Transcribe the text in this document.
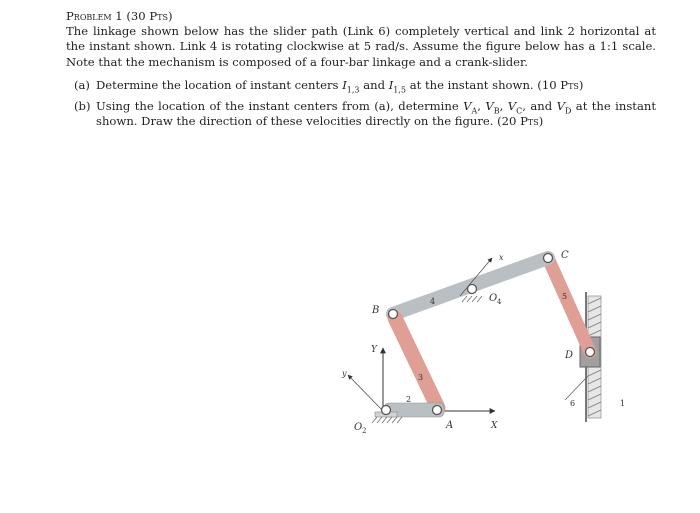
Problem 1 (30 Pts)

The linkage shown below has the slider path (Link 6) completely vertical and link 2 horizontal at the instant shown. Link 4 is rotating clockwise at 5 rad/s. Assume the figure below has a 1:1 scale. Note that the mechanism is composed of a four-bar linkage and a crank-slider.

(a) Determine the location of instant centers $I_{1,3}$ and $I_{1,5}$ at the instant shown. (10 Pts)
(b) Using the location of the instant centers from (a), determine $V_A$, $V_B$, $V_C$, and $V_D$ at the instant shown. Draw the direction of these velocities directly on the figure. (20 Pts)
B
C
D
A
O 2
O 4
Y
X
x
y
2
3
4
5
6	1
